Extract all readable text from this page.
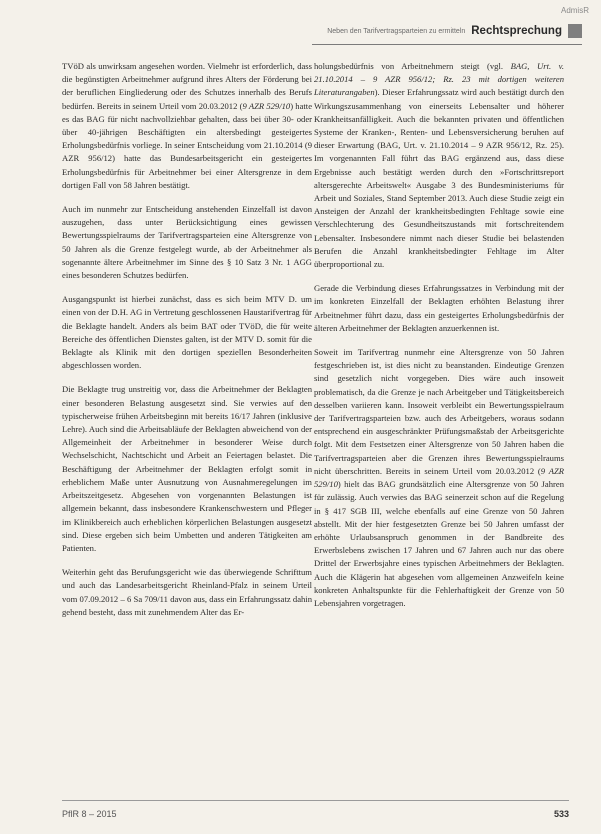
AdmisR
Neben den Tarifvertragsparteien zu ermitteln Rechtsprechung

TVöD als unwirksam angesehen worden. Vielmehr ist erforderlich, dass die begünstigten Arbeitnehmer aufgrund ihres Alters der Förderung bei der beruflichen Eingliederung oder des Schutzes innerhalb des Berufs bedürfen. Bereits in seinem Urteil vom 20.03.2012 (9 AZR 529/10) hatte es das BAG für nicht nachvollziehbar gehalten, dass bei über 30- oder über 40-jährigen Beschäftigten ein altersbedingt gesteigertes Erholungsbedürfnis vorliege. In seiner Entscheidung vom 21.10.2014 (9 AZR 956/12) hatte das Bundesarbeitsgericht ein gesteigertes Erholungsbedürfnis für Arbeitnehmer bei einer Altersgrenze in dem dortigen Fall von 58 Jahren bestätigt.

Auch im nunmehr zur Entscheidung anstehenden Einzelfall ist davon auszugehen, dass unter Berücksichtigung eines gewissen Bewertungsspielraums der Tarifvertragsparteien eine Altersgrenze von 50 Jahren als die Grenze festgelegt wurde, ab der Arbeitnehmer als sogenannte ältere Arbeitnehmer im Sinne des § 10 Satz 3 Nr. 1 AGG eines besonderen Schutzes bedürfen.

Ausgangspunkt ist hierbei zunächst, dass es sich beim MTV D. um einen von der D.H. AG in Vertretung geschlossenen Haustarifvertrag für die Beklagte handelt. Anders als beim BAT oder TVöD, die für weite Bereiche des öffentlichen Dienstes galten, ist der MTV D. somit für die Beklagte als Klinik mit den dortigen speziellen Besonderheiten abgeschlossen worden.

Die Beklagte trug unstreitig vor, dass die Arbeitnehmer der Beklagten einer besonderen Belastung ausgesetzt sind. Sie verwies auf den typischerweise frühen Arbeitsbeginn mit bereits 16/17 Jahren (inklusive Lehre). Auch sind die Arbeitsabläufe der Beklagten abweichend von der Allgemeinheit der Arbeitnehmer in besonderer Weise durch Wechselschicht, Nachtschicht und Arbeit an Feiertagen belastet. Die Beschäftigung der Arbeitnehmer der Beklagten erfolgt somit in erheblichem Maße unter Ausnutzung von Ausnahmeregelungen im Arbeitszeitgesetz. Abgesehen von vorgenannten Belastungen ist allgemein bekannt, dass insbesondere Krankenschwestern und Pfleger im Klinikbereich auch erheblichen körperlichen Belastungen ausgesetzt sind. Diese ergeben sich beim Umbetten und anderen Tätigkeiten am Patienten.

Weiterhin geht das Berufungsgericht wie das überwiegende Schrifttum und auch das Landesarbeitsgericht Rheinland-Pfalz in seinem Urteil vom 07.09.2012 – 6 Sa 709/11 davon aus, dass ein Erfahrungssatz dahin gehend besteht, dass mit zunehmendem Alter das Er-

holungsbedürfnis von Arbeitnehmern steigt (vgl. BAG, Urt. v. 21.10.2014 – 9 AZR 956/12; Rz. 23 mit dortigen weiteren Literaturangaben). Dieser Erfahrungssatz wird auch bestätigt durch den Wirkungszusammenhang von einerseits Lebensalter und höherer Krankheitsanfälligkeit. Auch die bekannten privaten und öffentlichen Systeme der Kranken-, Renten- und Lebensversicherung beruhen auf dieser Erwartung (BAG, Urt. v. 21.10.2014 – 9 AZR 956/12, Rz. 25). Im vorgenannten Fall führt das BAG ergänzend aus, dass diese Ergebnisse auch bestätigt werden durch den »Fortschrittsreport altersgerechte Arbeitswelt« Ausgabe 3 des Bundesministeriums für Arbeit und Soziales, Stand September 2013. Auch diese Studie zeigt ein Ansteigen der Anzahl der krankheitsbedingten Fehltage sowie eine Verschlechterung des Gesundheitszustands mit fortschreitendem Lebensalter. Insbesondere nimmt nach dieser Studie bei belastenden Berufen die Anzahl krankheitsbedingter Fehltage im Alter überproportional zu.

Gerade die Verbindung dieses Erfahrungssatzes in Verbindung mit der im konkreten Einzelfall der Beklagten erhöhten Belastung ihrer Arbeitnehmer führt dazu, dass ein gesteigertes Erholungsbedürfnis der älteren Arbeitnehmer der Beklagten anzuerkennen ist.

Soweit im Tarifvertrag nunmehr eine Altersgrenze von 50 Jahren festgeschrieben ist, ist dies nicht zu beanstanden. Eindeutige Grenzen sind gesetzlich nicht vorgegeben. Dies wäre auch insoweit problematisch, da die Grenze je nach Arbeitgeber und Tätigkeitsbereich desselben variieren kann. Insoweit verbleibt ein Bewertungsspielraum der Tarifvertragsparteien bzw. auch des Arbeitgebers, woraus sodann entsprechend ein ausgeschränkter Prüfungsmaßstab der Arbeitsgerichte folgt. Mit dem Festsetzen einer Altersgrenze von 50 Jahren haben die Tarifvertragsparteien aber die Grenzen ihres Bewertungsspielraums nicht überschritten. Bereits in seinem Urteil vom 20.03.2012 (9 AZR 529/10) hielt das BAG grundsätzlich eine Altersgrenze von 50 Jahren für zulässig. Auch verwies das BAG seinerzeit schon auf die Regelung in § 417 SGB III, welche ebenfalls auf eine Grenze von 50 Jahren abstellt. Mit der hier festgesetzten Grenze bei 50 Jahren umfasst der erhöhte Urlaubsanspruch genommen in der Bandbreite des Erwerbslebens zwischen 17 Jahren und 67 Jahren auch nur das obere Drittel der Erwerbsjahre eines typischen Arbeitnehmers der Beklagten. Auch die Klägerin hat abgesehen vom allgemeinen Anzweifeln keine konkreten Anhaltspunkte für die Fehlerhaftigkeit der Grenze von 50 Lebensjahren vorgetragen.

PflR 8 – 2015	533
